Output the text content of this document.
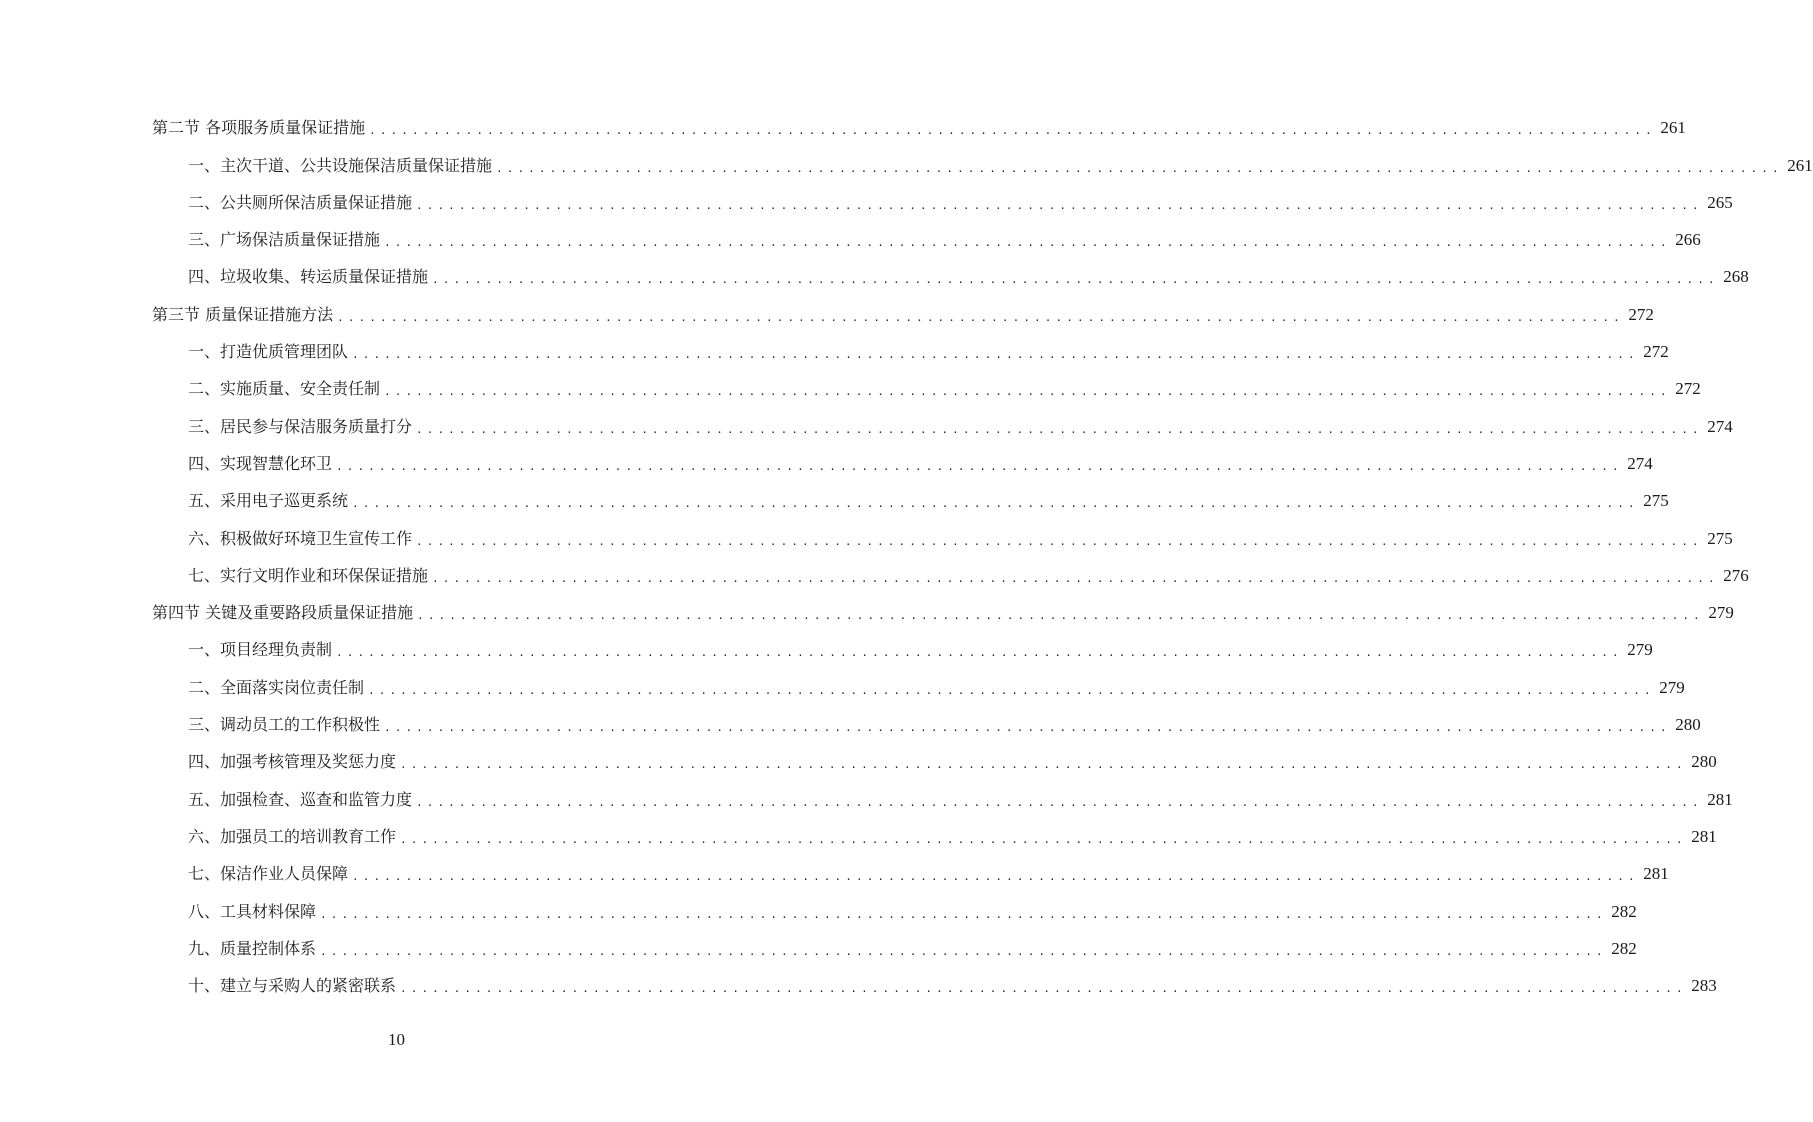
第二节 各项服务质量保证措施 ........................................................................................................................ 261
一、主次干道、公共设施保洁质量保证措施 ........................................................................................................................ 261
二、公共厕所保洁质量保证措施 ........................................................................................................................ 265
三、广场保洁质量保证措施 ........................................................................................................................ 266
四、垃圾收集、转运质量保证措施 ........................................................................................................................ 268
第三节 质量保证措施方法 ........................................................................................................................ 272
一、打造优质管理团队 ........................................................................................................................ 272
二、实施质量、安全责任制 ........................................................................................................................ 272
三、居民参与保洁服务质量打分 ........................................................................................................................ 274
四、实现智慧化环卫 ........................................................................................................................ 274
五、采用电子巡更系统 ........................................................................................................................ 275
六、积极做好环境卫生宣传工作 ........................................................................................................................ 275
七、实行文明作业和环保保证措施 ........................................................................................................................ 276
第四节 关键及重要路段质量保证措施 ........................................................................................................................ 279
一、项目经理负责制 ........................................................................................................................ 279
二、全面落实岗位责任制 ........................................................................................................................ 279
三、调动员工的工作积极性 ........................................................................................................................ 280
四、加强考核管理及奖惩力度 ........................................................................................................................ 280
五、加强检查、巡查和监管力度 ........................................................................................................................ 281
六、加强员工的培训教育工作 ........................................................................................................................ 281
七、保洁作业人员保障 ........................................................................................................................ 281
八、工具材料保障 ........................................................................................................................ 282
九、质量控制体系 ........................................................................................................................ 282
十、建立与采购人的紧密联系 ........................................................................................................................ 283
10
